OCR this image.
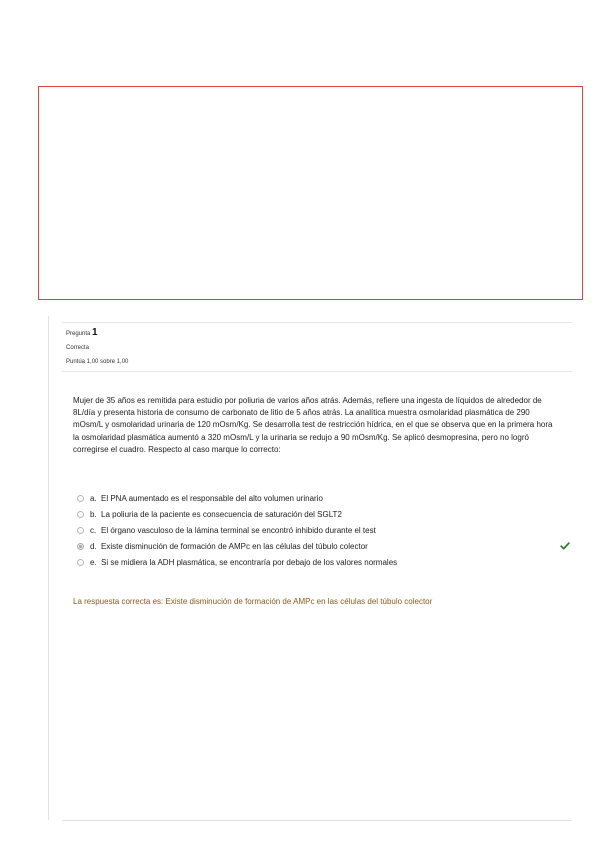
Pregunta 1
Correcta
Puntúa 1,00 sobre 1,00
Mujer de 35 años es remitida para estudio por poliuria de varios años atrás. Además, refiere una ingesta de líquidos de alrededor de 8L/día y presenta historia de consumo de carbonato de litio de 5 años atrás. La analítica muestra osmolaridad plasmática de 290 mOsm/L y osmolaridad urinaria de 120 mOsm/Kg. Se desarrolla test de restricción hídrica, en el que se observa que en la primera hora la osmolaridad plasmática aumentó a 320 mOsm/L y la urinaria se redujo a 90 mOsm/Kg. Se aplicó desmopresina, pero no logró corregirse el cuadro. Respecto al caso marque lo correcto:
a. El PNA aumentado es el responsable del alto volumen urinario
b. La poliuria de la paciente es consecuencia de saturación del SGLT2
c. El órgano vasculoso de la lámina terminal se encontró inhibido durante el test
d. Existe disminución de formación de AMPc en las células del túbulo colector
e. Si se midiera la ADH plasmática, se encontraría por debajo de los valores normales
La respuesta correcta es: Existe disminución de formación de AMPc en las células del túbulo colector
